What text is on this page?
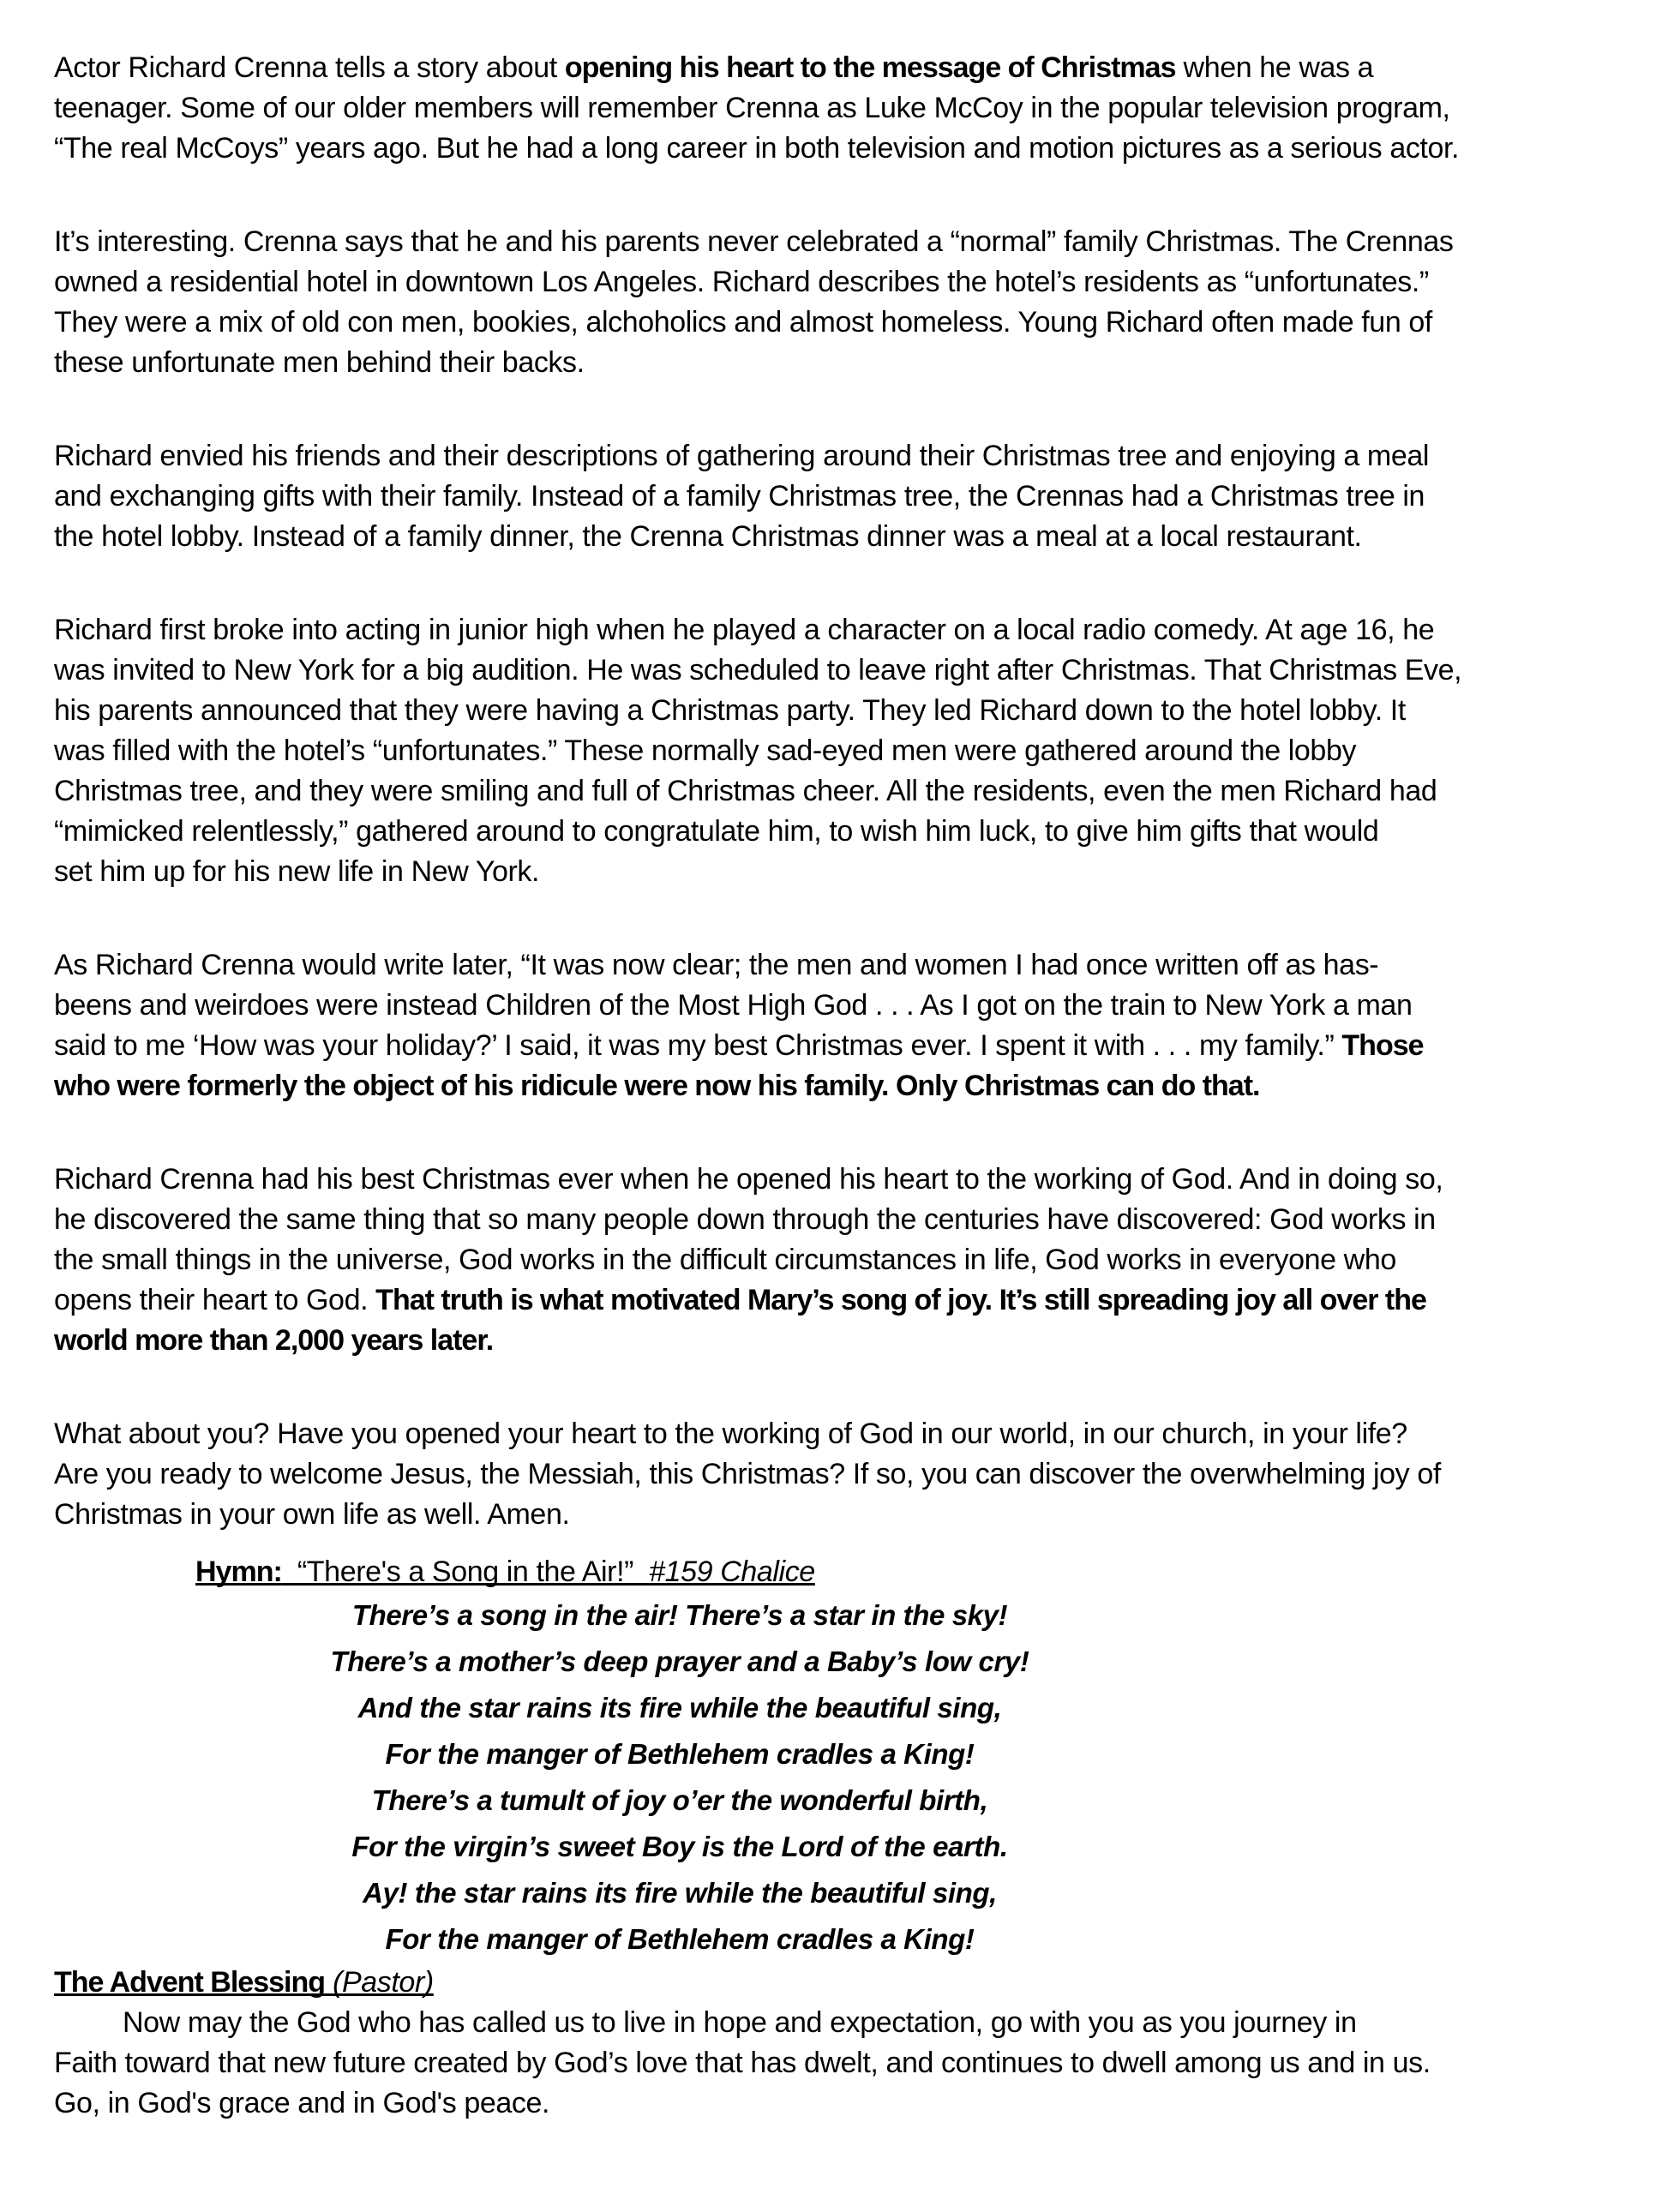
Actor Richard Crenna tells a story about opening his heart to the message of Christmas when he was a
teenager. Some of our older members will remember Crenna as Luke McCoy in the popular television program,
“The real McCoys” years ago. But he had a long career in both television and motion pictures as a serious actor.
It’s interesting. Crenna says that he and his parents never celebrated a “normal” family Christmas. The Crennas
owned a residential hotel in downtown Los Angeles. Richard describes the hotel’s residents as “unfortunates.”
They were a mix of old con men, bookies, alchoholics and almost homeless. Young Richard often made fun of
these unfortunate men behind their backs.
Richard envied his friends and their descriptions of gathering around their Christmas tree and enjoying a meal
and exchanging gifts with their family. Instead of a family Christmas tree, the Crennas had a Christmas tree in
the hotel lobby. Instead of a family dinner, the Crenna Christmas dinner was a meal at a local restaurant.
Richard first broke into acting in junior high when he played a character on a local radio comedy. At age 16, he
was invited to New York for a big audition. He was scheduled to leave right after Christmas. That Christmas Eve,
his parents announced that they were having a Christmas party. They led Richard down to the hotel lobby. It
was filled with the hotel’s “unfortunates.” These normally sad-eyed men were gathered around the lobby
Christmas tree, and they were smiling and full of Christmas cheer. All the residents, even the men Richard had
“mimicked relentlessly,” gathered around to congratulate him, to wish him luck, to give him gifts that would
set him up for his new life in New York.
As Richard Crenna would write later, “It was now clear; the men and women I had once written off as has-
beens and weirdoes were instead Children of the Most High God . . . As I got on the train to New York a man
said to me ‘How was your holiday?’ I said, it was my best Christmas ever. I spent it with . . . my family.” Those
who were formerly the object of his ridicule were now his family. Only Christmas can do that.
Richard Crenna had his best Christmas ever when he opened his heart to the working of God. And in doing so,
he discovered the same thing that so many people down through the centuries have discovered: God works in
the small things in the universe, God works in the difficult circumstances in life, God works in everyone who
opens their heart to God. That truth is what motivated Mary’s song of joy. It’s still spreading joy all over the
world more than 2,000 years later.
What about you? Have you opened your heart to the working of God in our world, in our church, in your life?
Are you ready to welcome Jesus, the Messiah, this Christmas? If so, you can discover the overwhelming joy of
Christmas in your own life as well. Amen.
Hymn:  “There's a Song in the Air!”  #159 Chalice
There’s a song in the air! There’s a star in the sky!
There’s a mother’s deep prayer and a Baby’s low cry!
And the star rains its fire while the beautiful sing,
For the manger of Bethlehem cradles a King!
There’s a tumult of joy o’er the wonderful birth,
For the virgin’s sweet Boy is the Lord of the earth.
Ay! the star rains its fire while the beautiful sing,
For the manger of Bethlehem cradles a King!
The Advent Blessing (Pastor)
Now may the God who has called us to live in hope and expectation, go with you as you journey in
Faith toward that new future created by God’s love that has dwelt, and continues to dwell among us and in us.
Go, in God's grace and in God's peace.
